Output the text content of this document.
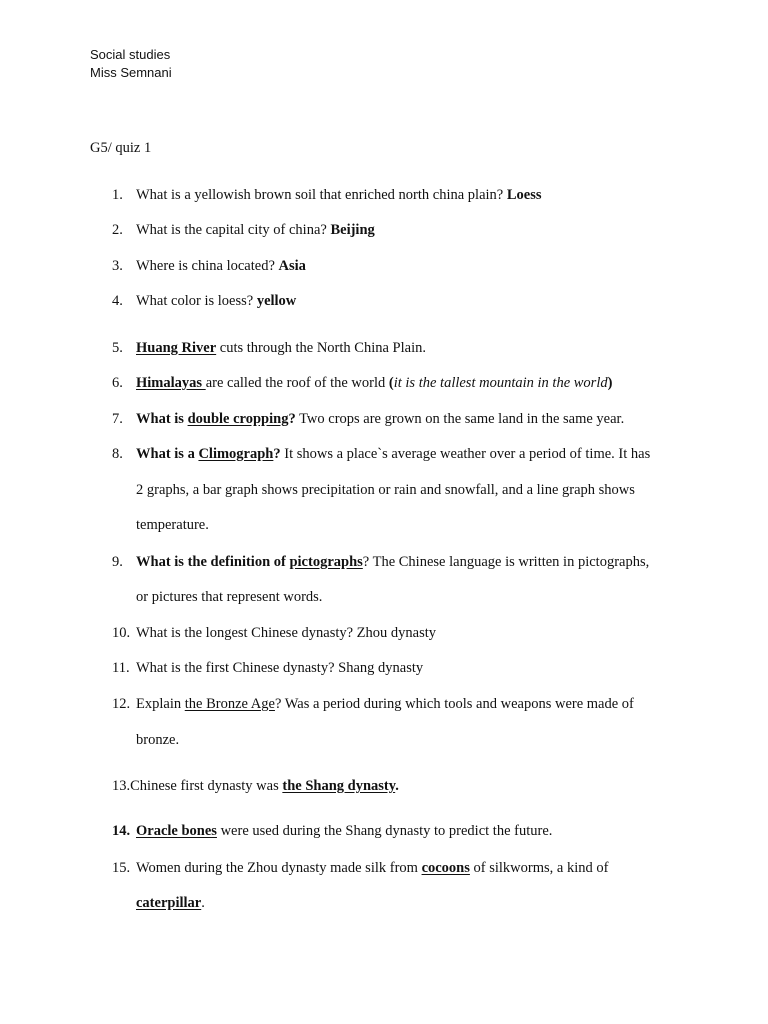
Social studies
Miss Semnani
G5/ quiz 1
1. What is a yellowish brown soil that enriched north china plain? Loess
2. What is the capital city of china? Beijing
3. Where is china located? Asia
4. What color is loess? yellow
5. Huang River cuts through the North China Plain.
6. Himalayas are called the roof of the world (it is the tallest mountain in the world)
7. What is double cropping? Two crops are grown on the same land in the same year.
8. What is a Climograph? It shows a place`s average weather over a period of time. It has
2 graphs, a bar graph shows precipitation or rain and snowfall, and a line graph shows
temperature.
9. What is the definition of pictographs? The Chinese language is written in pictographs,
or pictures that represent words.
10. What is the longest Chinese dynasty? Zhou dynasty
11. What is the first Chinese dynasty? Shang dynasty
12. Explain the Bronze Age? Was a period during which tools and weapons were made of
bronze.
13.Chinese first dynasty was the Shang dynasty.
14. Oracle bones were used during the Shang dynasty to predict the future.
15. Women during the Zhou dynasty made silk from cocoons of silkworms, a kind of
caterpillar.
